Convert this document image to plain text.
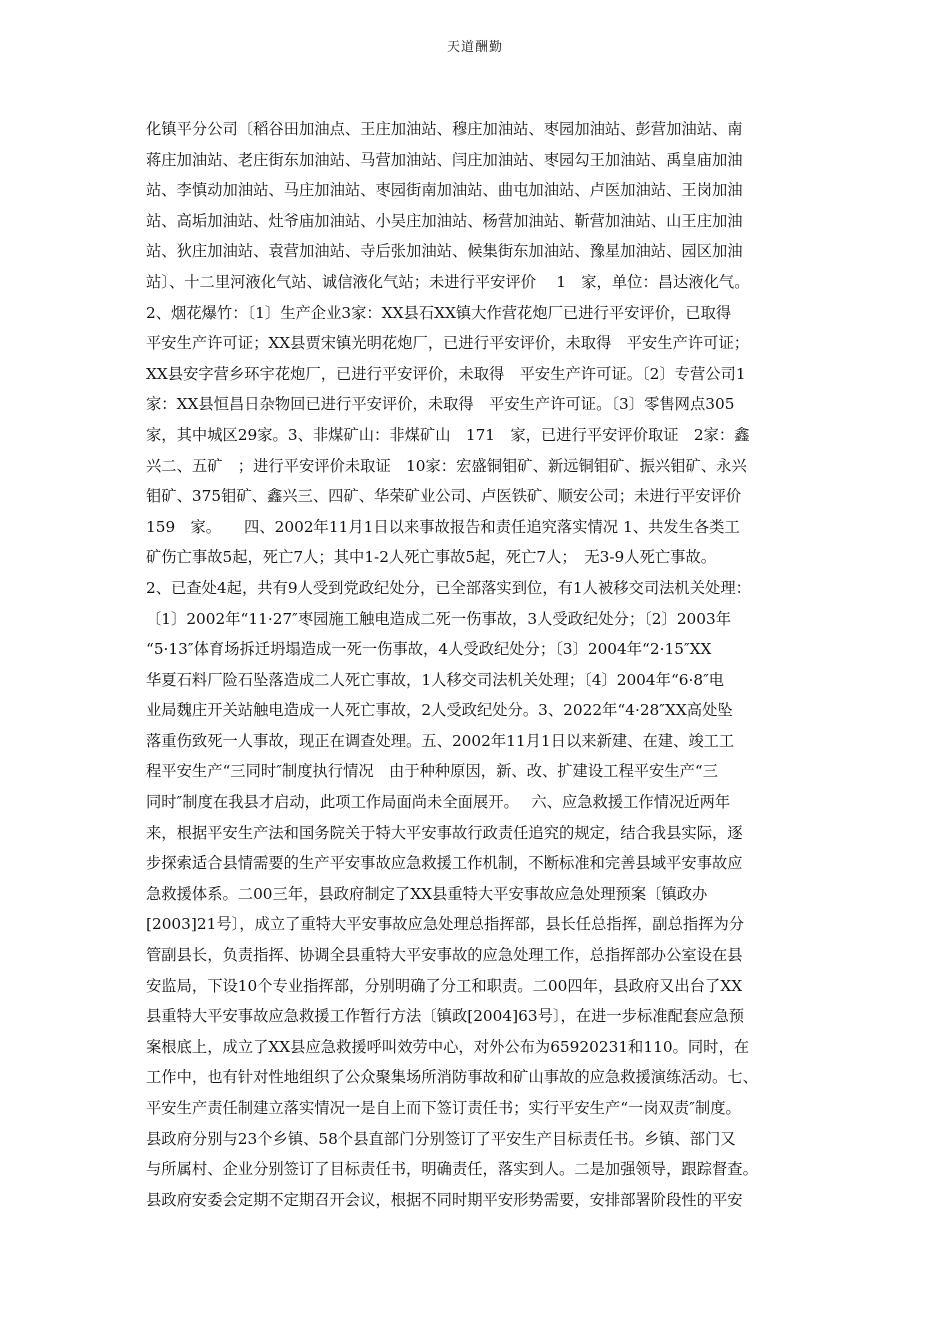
天道酬勤
化镇平分公司〔稻谷田加油点、王庄加油站、穆庄加油站、枣园加油站、彭营加油站、南
蒋庄加油站、老庄街东加油站、马营加油站、闫庄加油站、枣园勾王加油站、禹皇庙加油
站、李慎动加油站、马庄加油站、枣园街南加油站、曲屯加油站、卢医加油站、王岗加油
站、高垢加油站、灶爷庙加油站、小吴庄加油站、杨营加油站、靳营加油站、山王庄加油
站、狄庄加油站、袁营加油站、寺后张加油站、候集街东加油站、豫星加油站、园区加油
站〕、十二里河液化气站、诚信液化气站；未进行平安评价　 1　家，单位：昌达液化气。
2、烟花爆竹：〔1〕生产企业3家：XX县石XX镇大作营花炮厂已进行平安评价，已取得
平安生产许可证；XX县贾宋镇光明花炮厂，已进行平安评价，未取得　平安生产许可证；
XX县安字营乡环宇花炮厂，已进行平安评价，未取得　平安生产许可证。〔2〕专营公司1
家：XX县恒昌日杂物回已进行平安评价，未取得　平安生产许可证。〔3〕零售网点305
家，其中城区29家。3、非煤矿山：非煤矿山　171　家，已进行平安评价取证　2家：鑫
兴二、五矿　；进行平安评价未取证　10家：宏盛铜钼矿、新远铜钼矿、振兴钼矿、永兴
钼矿、375钼矿、鑫兴三、四矿、华荣矿业公司、卢医铁矿、顺安公司；未进行平安评价
159　家。　　四、2002年11月1日以来事故报告和责任追究落实情况 1、共发生各类工
矿伤亡事故5起，死亡7人；其中1-2人死亡事故5起，死亡7人；　无3-9人死亡事故。
2、已查处4起，共有9人受到党政纪处分，已全部落实到位，有1人被移交司法机关处理：
〔1〕2002年“11·27″枣园施工触电造成二死一伤事故，3人受政纪处分；〔2〕2003年
“5·13″体育场拆迁坍塌造成一死一伤事故，4人受政纪处分；〔3〕2004年“2·15″XX
华夏石料厂险石坠落造成二人死亡事故，1人移交司法机关处理；〔4〕2004年“6·8″电
业局魏庄开关站触电造成一人死亡事故，2人受政纪处分。3、2022年“4·28″XX高处坠
落重伤致死一人事故，现正在调查处理。五、2002年11月1日以来新建、在建、竣工工
程平安生产“三同时″制度执行情况　由于种种原因，新、改、扩建设工程平安生产“三
同时″制度在我县才启动，此项工作局面尚未全面展开。　 六、应急救援工作情况近两年
来，根据平安生产法和国务院关于特大平安事故行政责任追究的规定，结合我县实际，逐
步探索适合县情需要的生产平安事故应急救援工作机制，不断标准和完善县域平安事故应
急救援体系。二00三年，县政府制定了XX县重特大平安事故应急处理预案〔镇政办
[2003]21号〕，成立了重特大平安事故应急处理总指挥部，县长任总指挥，副总指挥为分
管副县长，负责指挥、协调全县重特大平安事故的应急处理工作，总指挥部办公室设在县
安监局，下设10个专业指挥部，分别明确了分工和职责。二00四年，县政府又出台了XX
县重特大平安事故应急救援工作暂行方法〔镇政[2004]63号〕，在进一步标准配套应急预
案根底上，成立了XX县应急救援呼叫效劳中心，对外公布为65920231和110。同时，在
工作中，也有针对性地组织了公众聚集场所消防事故和矿山事故的应急救援演练活动。七、
平安生产责任制建立落实情况一是自上而下签订责任书；实行平安生产“一岗双责″制度。
县政府分别与23个乡镇、58个县直部门分别签订了平安生产目标责任书。乡镇、部门又
与所属村、企业分别签订了目标责任书，明确责任，落实到人。二是加强领导，跟踪督查。
县政府安委会定期不定期召开会议，根据不同时期平安形势需要，安排部署阶段性的平安
